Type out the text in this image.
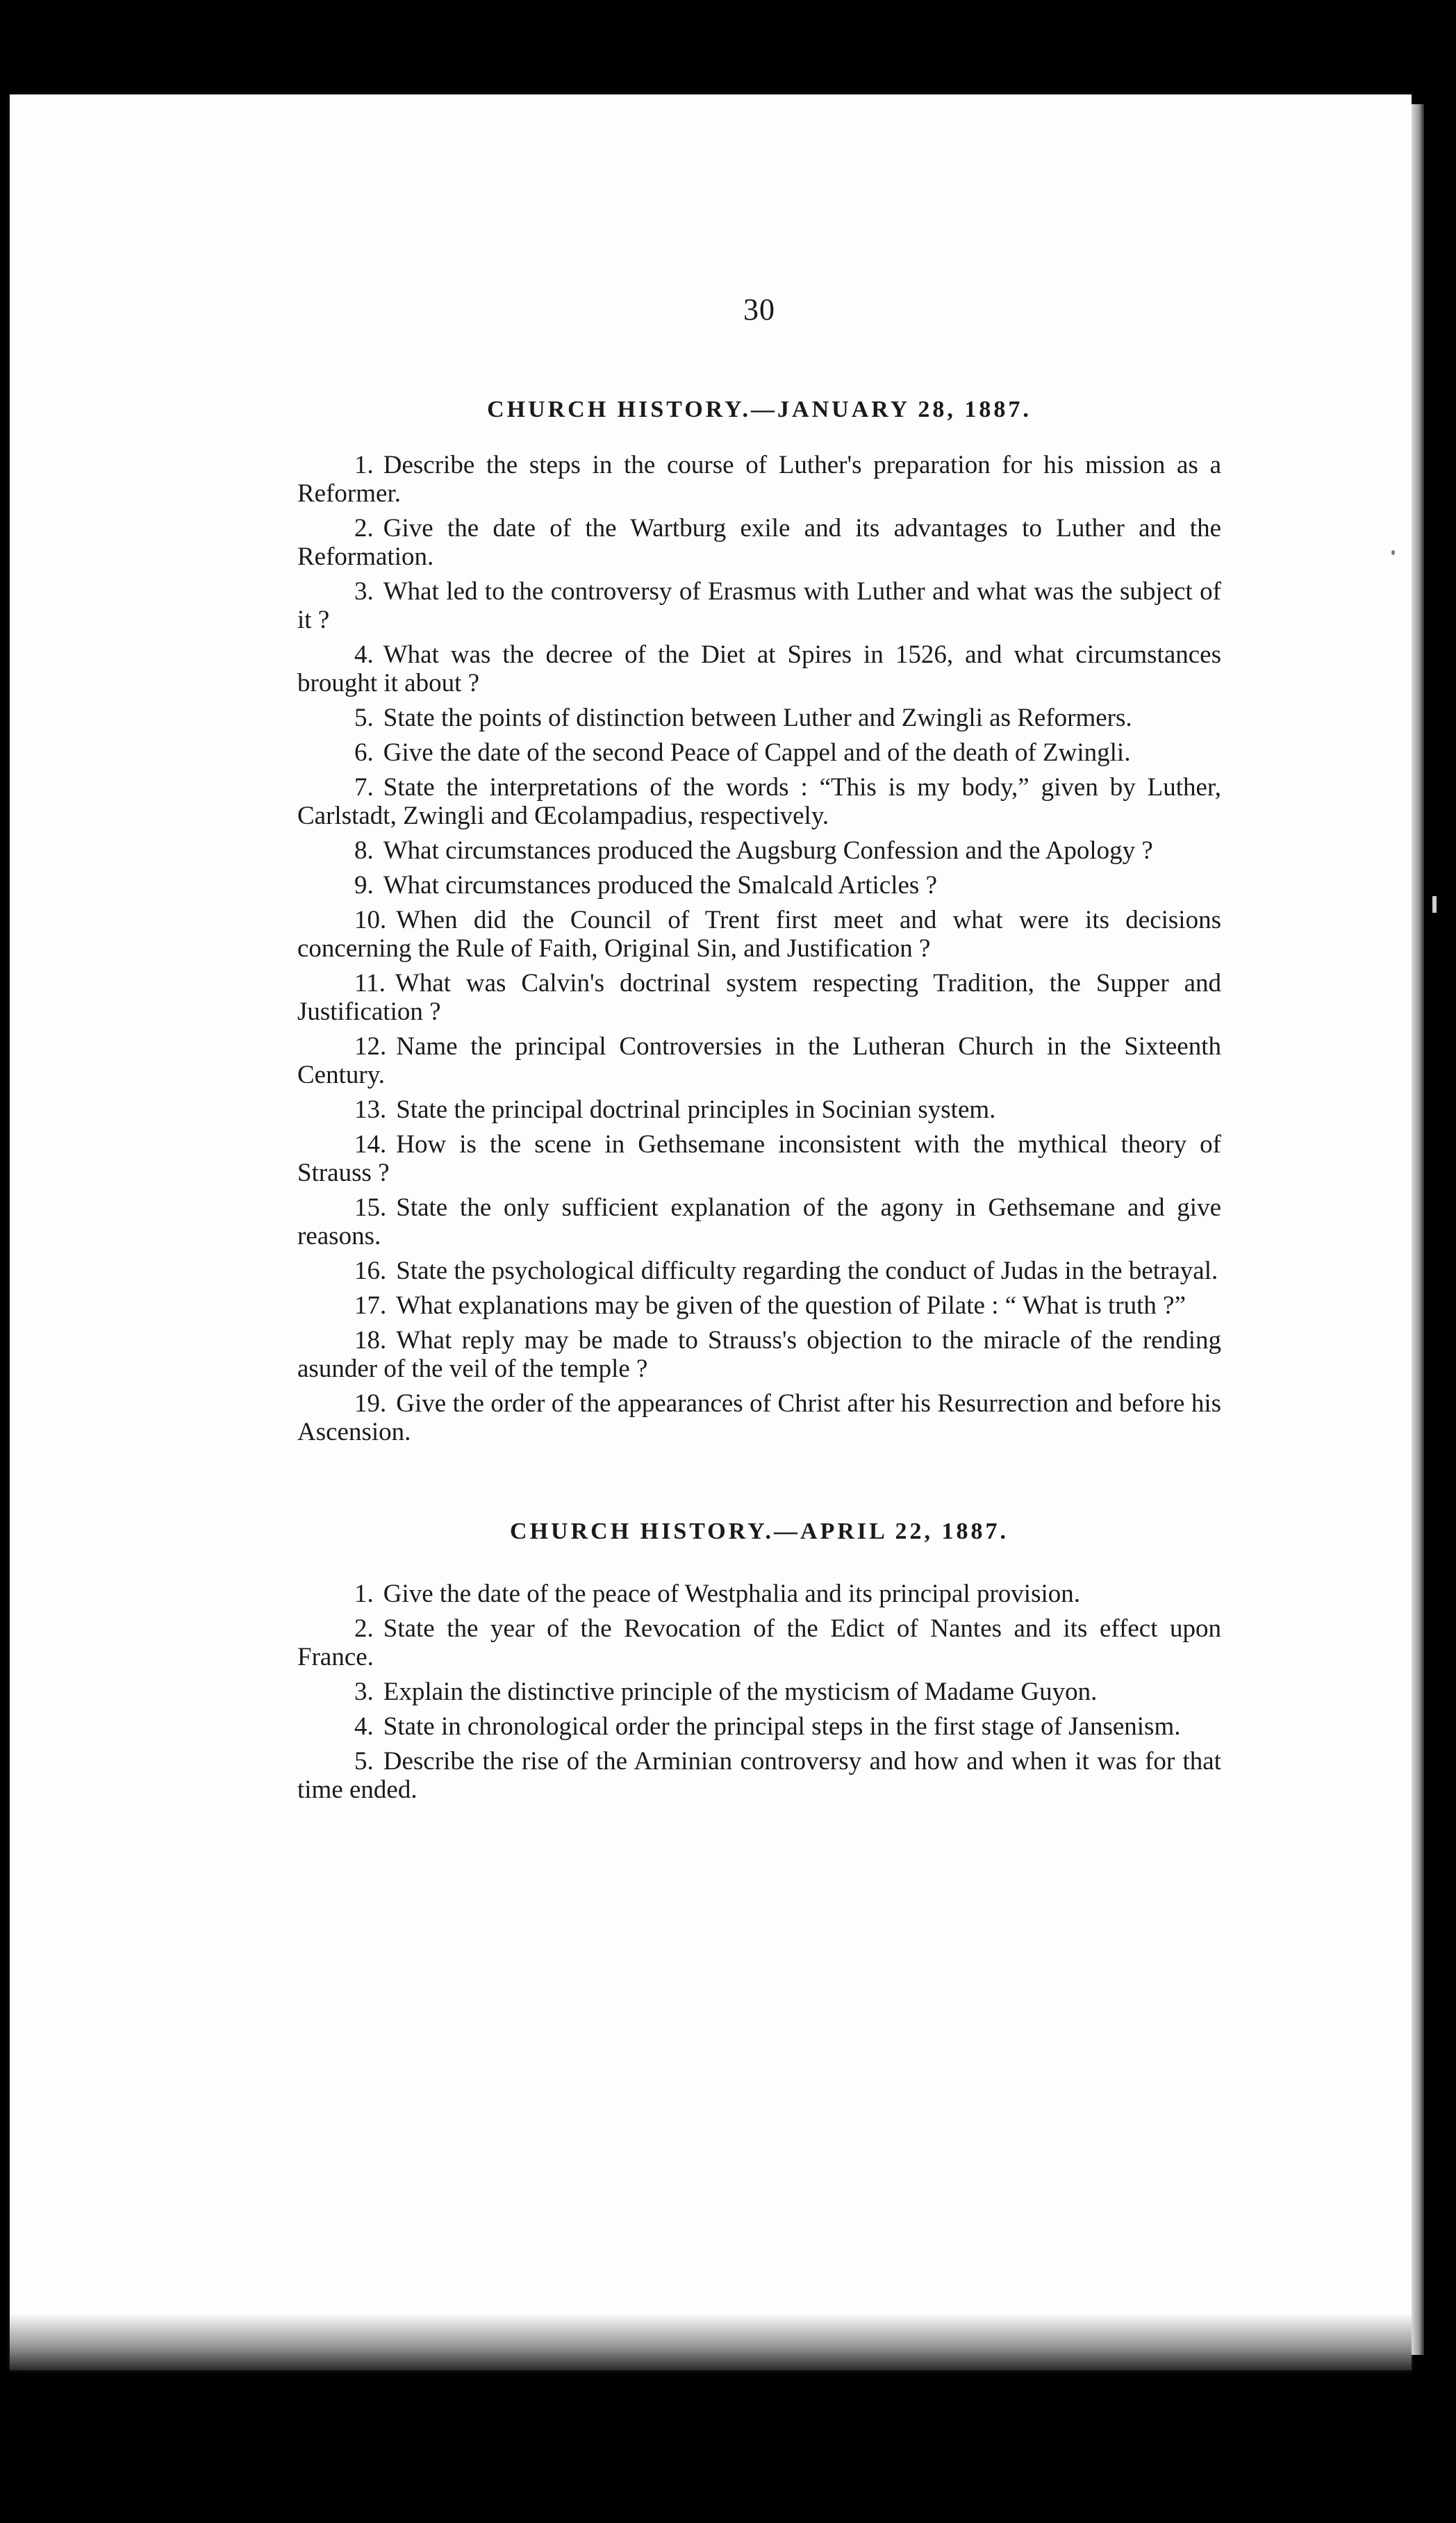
30
CHURCH HISTORY.—JANUARY 28, 1887.
1. Describe the steps in the course of Luther's preparation for his mission as a Reformer.
2. Give the date of the Wartburg exile and its advantages to Luther and the Reformation.
3. What led to the controversy of Erasmus with Luther and what was the subject of it ?
4. What was the decree of the Diet at Spires in 1526, and what circumstances brought it about ?
5. State the points of distinction between Luther and Zwingli as Reformers.
6. Give the date of the second Peace of Cappel and of the death of Zwingli.
7. State the interpretations of the words : “This is my body,” given by Luther, Carlstadt, Zwingli and Œcolampadius, respectively.
8. What circumstances produced the Augsburg Confession and the Apology ?
9. What circumstances produced the Smalcald Articles ?
10. When did the Council of Trent first meet and what were its decisions concerning the Rule of Faith, Original Sin, and Justification ?
11. What was Calvin's doctrinal system respecting Tradition, the Supper and Justification ?
12. Name the principal Controversies in the Lutheran Church in the Sixteenth Century.
13. State the principal doctrinal principles in Socinian system.
14. How is the scene in Gethsemane inconsistent with the mythical theory of Strauss ?
15. State the only sufficient explanation of the agony in Gethsemane and give reasons.
16. State the psychological difficulty regarding the conduct of Judas in the betrayal.
17. What explanations may be given of the question of Pilate : “ What is truth ?”
18. What reply may be made to Strauss's objection to the miracle of the rending asunder of the veil of the temple ?
19. Give the order of the appearances of Christ after his Resurrection and before his Ascension.
CHURCH HISTORY.—APRIL 22, 1887.
1. Give the date of the peace of Westphalia and its principal provision.
2. State the year of the Revocation of the Edict of Nantes and its effect upon France.
3. Explain the distinctive principle of the mysticism of Madame Guyon.
4. State in chronological order the principal steps in the first stage of Jansenism.
5. Describe the rise of the Arminian controversy and how and when it was for that time ended.
